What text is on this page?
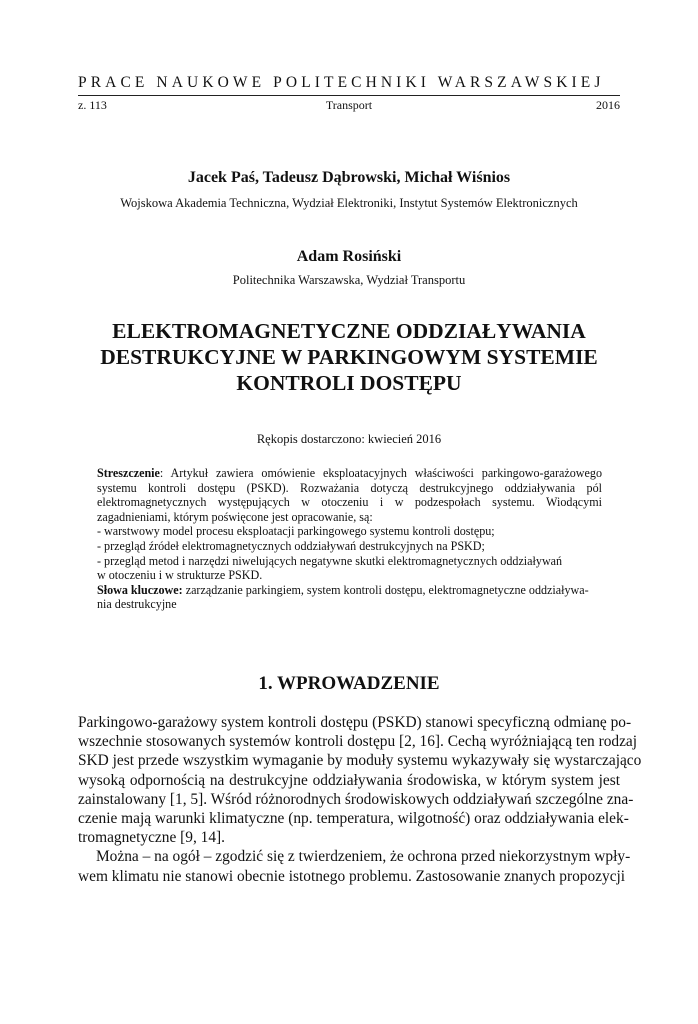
PRACE NAUKOWE POLITECHNIKI WARSZAWSKIEJ
z. 113	Transport	2016
Jacek Paś, Tadeusz Dąbrowski, Michał Wiśnios
Wojskowa Akademia Techniczna, Wydział Elektroniki, Instytut Systemów Elektronicznych
Adam Rosiński
Politechnika Warszawska, Wydział Transportu
ELEKTROMAGNETYCZNE ODDZIAŁYWANIA
DESTRUKCYJNE W PARKINGOWYM SYSTEMIE
KONTROLI DOSTĘPU
Rękopis dostarczono: kwiecień 2016
Streszczenie: Artykuł zawiera omówienie eksploatacyjnych właściwości parkingowo-garażowego
systemu kontroli dostępu (PSKD). Rozważania dotyczą destrukcyjnego oddziaływania pól
elektromagnetycznych występujących w otoczeniu i w podzespołach systemu. Wiodącymi
zagadnieniami, którym poświęcone jest opracowanie, są:
- warstwowy model procesu eksploatacji parkingowego systemu kontroli dostępu;
- przegląd źródeł elektromagnetycznych oddziaływań destrukcyjnych na PSKD;
- przegląd metod i narzędzi niwelujących negatywne skutki elektromagnetycznych oddziaływań
w otoczeniu i w strukturze PSKD.
Słowa kluczowe: zarządzanie parkingiem, system kontroli dostępu, elektromagnetyczne oddziaływa-
nia destrukcyjne
1. WPROWADZENIE
Parkingowo-garażowy system kontroli dostępu (PSKD) stanowi specyficzną odmianę po-
wszechnie stosowanych systemów kontroli dostępu [2, 16]. Cechą wyróżniającą ten rodzaj
SKD jest przede wszystkim wymaganie by moduły systemu wykazywały się wystarczająco
wysoką odpornością na destrukcyjne oddziaływania środowiska, w którym system jest
zainstalowany [1, 5]. Wśród różnorodnych środowiskowych oddziaływań szczególne zna-
czenie mają warunki klimatyczne (np. temperatura, wilgotność) oraz oddziaływania elek-
tromagnetyczne [9, 14].
Można – na ogół – zgodzić się z twierdzeniem, że ochrona przed niekorzystnym wpły-
wem klimatu nie stanowi obecnie istotnego problemu. Zastosowanie znanych propozycji
